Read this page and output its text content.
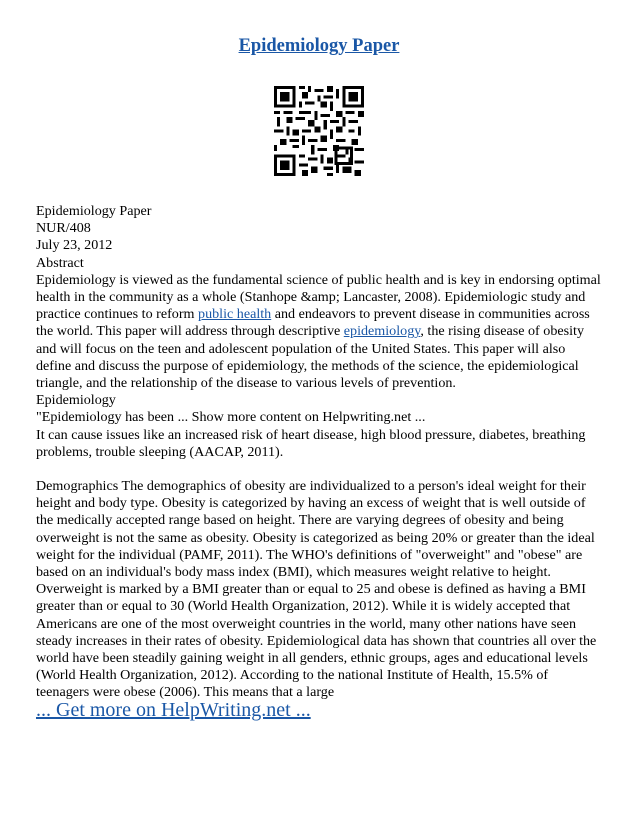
Epidemiology Paper

Epidemiology Paper

NUR/408

July 23, 2012

Abstract

Epidemiology is viewed as the fundamental science of public health and is key in endorsing optimal health in the community as a whole (Stanhope &amp; Lancaster, 2008). Epidemiologic study and practice continues to reform public health and endeavors to prevent disease in communities across the world. This paper will address through descriptive epidemiology, the rising disease of obesity and will focus on the teen and adolescent population of the United States. This paper will also define and discuss the purpose of epidemiology, the methods of the science, the epidemiological triangle, and the relationship of the disease to various levels of prevention.

Epidemiology

"Epidemiology has been ... Show more content on Helpwriting.net ...

It can cause issues like an increased risk of heart disease, high blood pressure, diabetes, breathing problems, trouble sleeping (AACAP, 2011).

Demographics The demographics of obesity are individualized to a person's ideal weight for their height and body type. Obesity is categorized by having an excess of weight that is well outside of the medically accepted range based on height. There are varying degrees of obesity and being overweight is not the same as obesity. Obesity is categorized as being 20% or greater than the ideal weight for the individual (PAMF, 2011). The WHO's definitions of "overweight" and "obese" are based on an individual's body mass index (BMI), which measures weight relative to height. Overweight is marked by a BMI greater than or equal to 25 and obese is defined as having a BMI greater than or equal to 30 (World Health Organization, 2012). While it is widely accepted that Americans are one of the most overweight countries in the world, many other nations have seen steady increases in their rates of obesity. Epidemiological data has shown that countries all over the world have been steadily gaining weight in all genders, ethnic groups, ages and educational levels (World Health Organization, 2012). According to the national Institute of Health, 15.5% of teenagers were obese (2006). This means that a large

... Get more on HelpWriting.net ...
